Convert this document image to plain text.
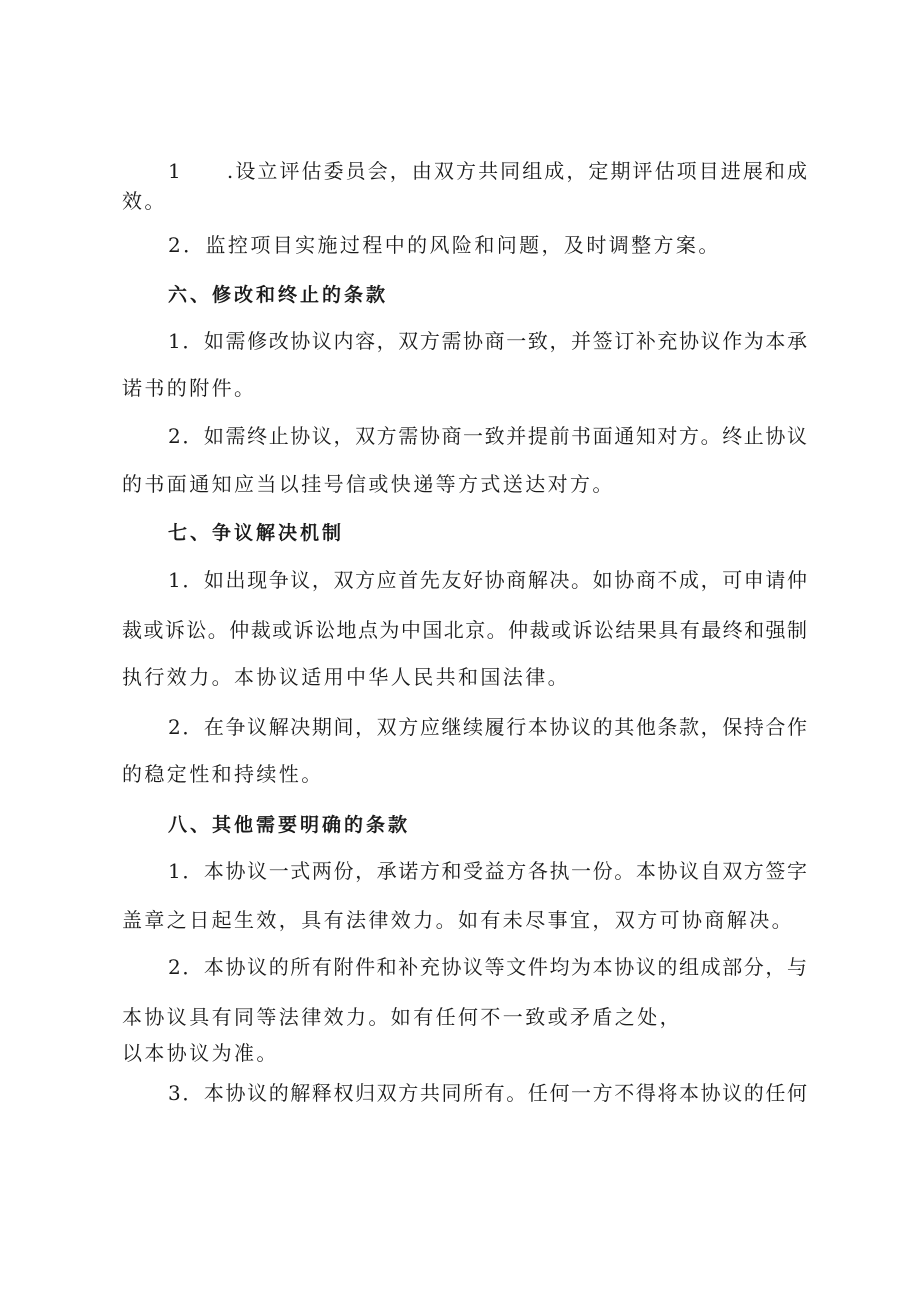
1　　.设立评估委员会，由双方共同组成，定期评估项目进展和成
效。
2．监控项目实施过程中的风险和问题，及时调整方案。
六、修改和终止的条款
1．如需修改协议内容，双方需协商一致，并签订补充协议作为本承
诺书的附件。
2．如需终止协议，双方需协商一致并提前书面通知对方。终止协议
的书面通知应当以挂号信或快递等方式送达对方。
七、争议解决机制
1．如出现争议，双方应首先友好协商解决。如协商不成，可申请仲
裁或诉讼。仲裁或诉讼地点为中国北京。仲裁或诉讼结果具有最终和强制
执行效力。本协议适用中华人民共和国法律。
2．在争议解决期间，双方应继续履行本协议的其他条款，保持合作
的稳定性和持续性。
八、其他需要明确的条款
1．本协议一式两份，承诺方和受益方各执一份。本协议自双方签字
盖章之日起生效，具有法律效力。如有未尽事宜，双方可协商解决。
2．本协议的所有附件和补充协议等文件均为本协议的组成部分，与
本协议具有同等法律效力。如有任何不一致或矛盾之处，
以本协议为准。
3．本协议的解释权归双方共同所有。任何一方不得将本协议的任何
